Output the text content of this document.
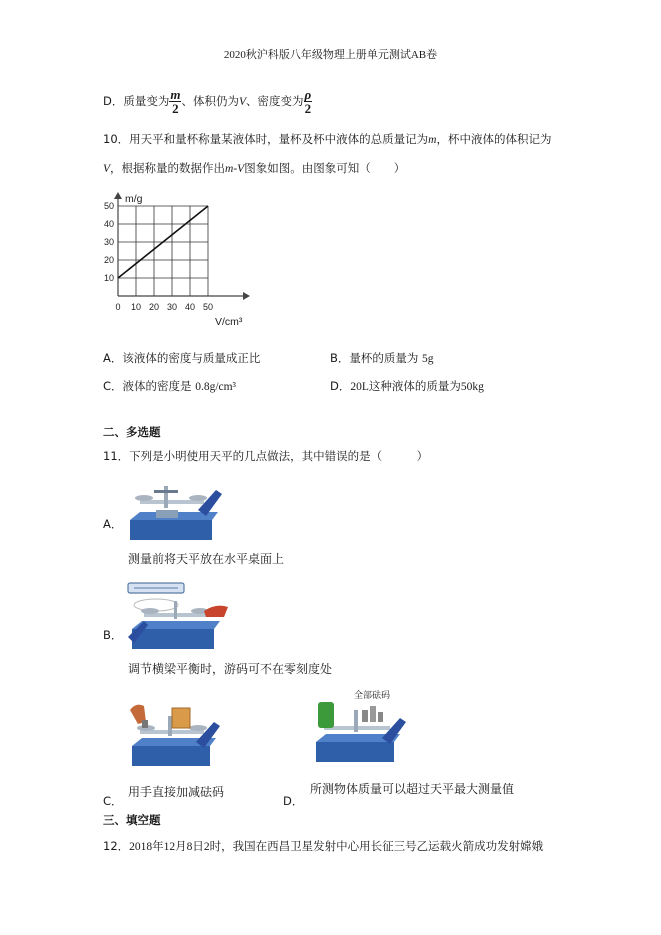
2020秋沪科版八年级物理上册单元测试AB卷
D．质量变为 $\frac{m}{2}$ 、体积仍为V、密度变为 $\frac{\rho}{2}$
10．用天平和量杯称量某液体时，量杯及杯中液体的总质量记为m，杯中液体的体积记为
V，根据称量的数据作出m-V图象如图。由图象可知（　　）
0 10 20 30 40 50
10
20
30
40
50
m/g
V/cm³
A．该液体的密度与质量成正比	B．量杯的质量为 5g
C．液体的密度是 0.8g/cm³	D．20L这种液体的质量为50kg
二、多选题
11．下列是小明使用天平的几点做法，其中错误的是（　　　）
A．
测量前将天平放在水平桌面上
B．
调节横梁平衡时，游码可不在零刻度处
C．
用手直接加减砝码
全部砝码
D．
所测物体质量可以超过天平最大测量值
三、填空题
12．2018年12月8日2时，我国在西昌卫星发射中心用长征三号乙运载火箭成功发射嫦娥
